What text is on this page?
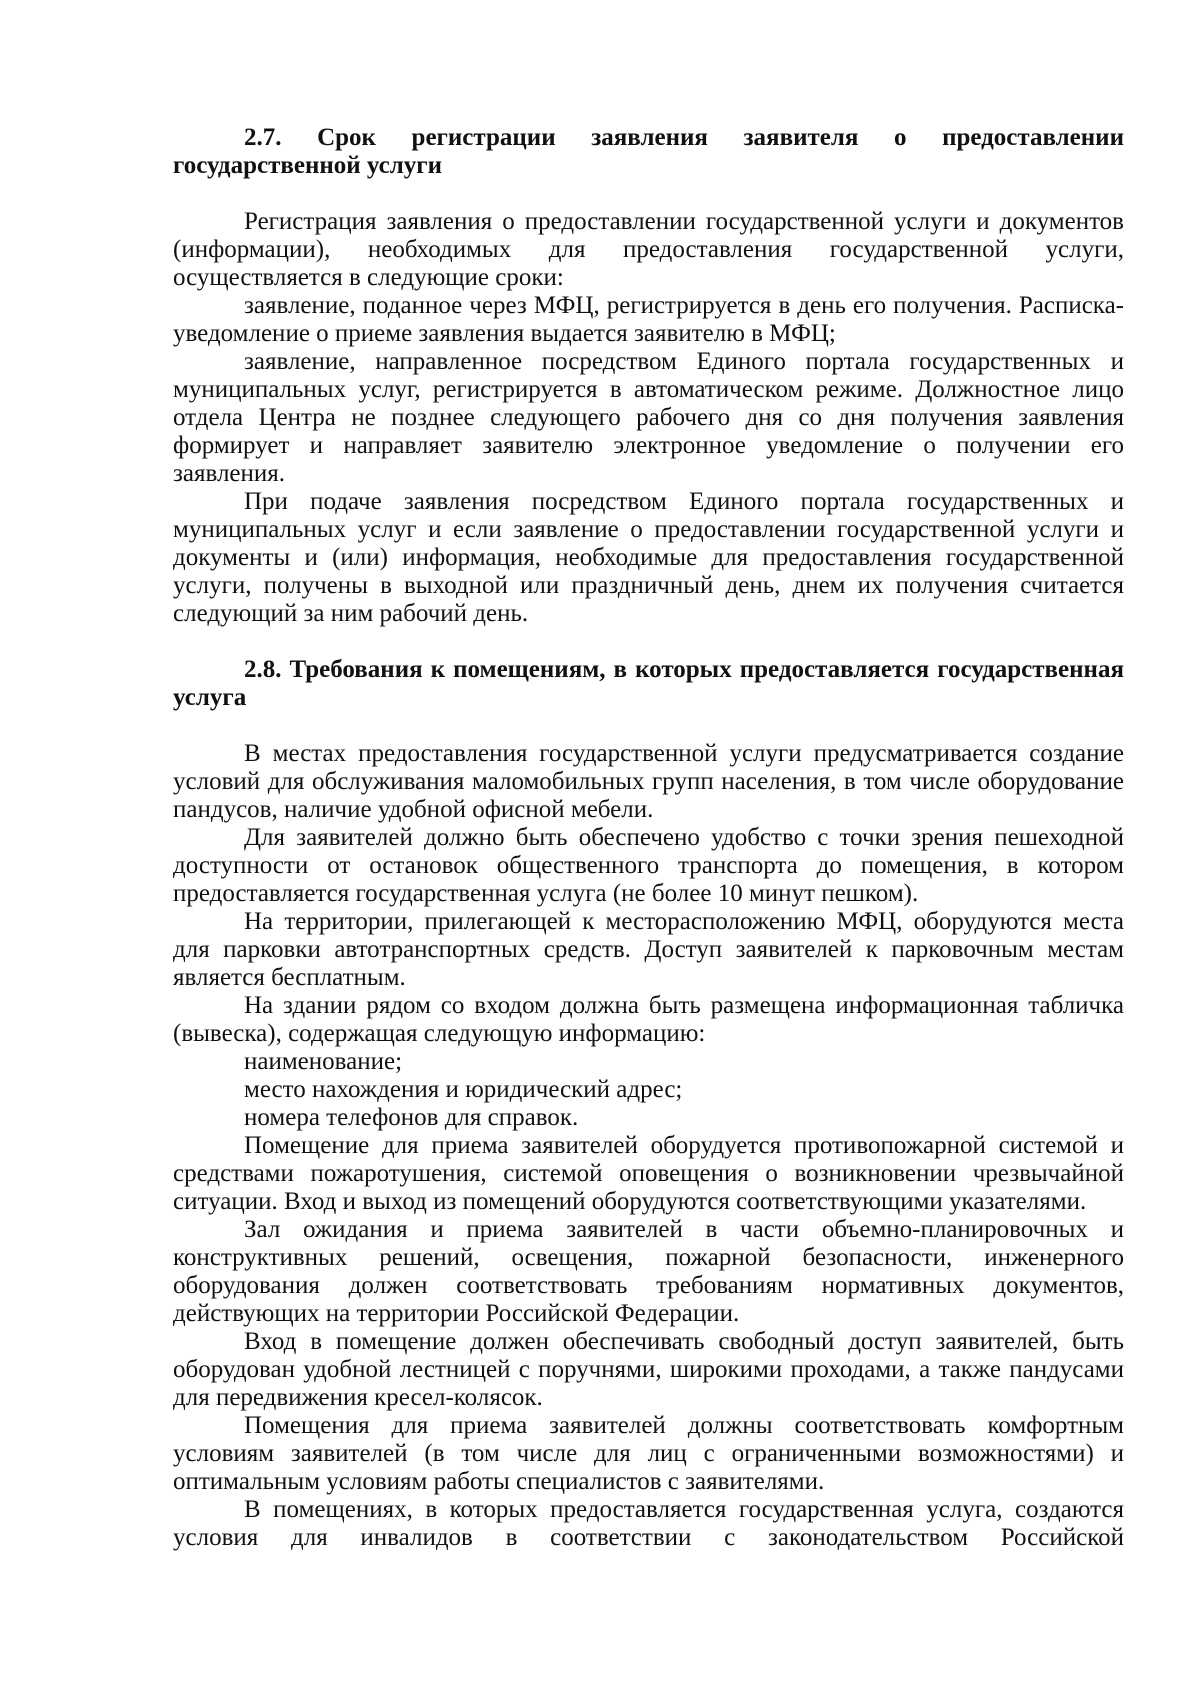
2.7. Срок регистрации заявления заявителя о предоставлении государственной услуги

Регистрация заявления о предоставлении государственной услуги и документов (информации), необходимых для предоставления государственной услуги, осуществляется в следующие сроки:

заявление, поданное через МФЦ, регистрируется в день его получения. Расписка-уведомление о приеме заявления выдается заявителю в МФЦ;

заявление, направленное посредством Единого портала государственных и муниципальных услуг, регистрируется в автоматическом режиме. Должностное лицо отдела Центра не позднее следующего рабочего дня со дня получения заявления формирует и направляет заявителю электронное уведомление о получении его заявления.

При подаче заявления посредством Единого портала государственных и муниципальных услуг и если заявление о предоставлении государственной услуги и документы и (или) информация, необходимые для предоставления государственной услуги, получены в выходной или праздничный день, днем их получения считается следующий за ним рабочий день.

2.8. Требования к помещениям, в которых предоставляется государственная услуга

В местах предоставления государственной услуги предусматривается создание условий для обслуживания маломобильных групп населения, в том числе оборудование пандусов, наличие удобной офисной мебели.

Для заявителей должно быть обеспечено удобство с точки зрения пешеходной доступности от остановок общественного транспорта до помещения, в котором предоставляется государственная услуга (не более 10 минут пешком).

На территории, прилегающей к месторасположению МФЦ, оборудуются места для парковки автотранспортных средств. Доступ заявителей к парковочным местам является бесплатным.

На здании рядом со входом должна быть размещена информационная табличка (вывеска), содержащая следующую информацию:

наименование;

место нахождения и юридический адрес;

номера телефонов для справок.

Помещение для приема заявителей оборудуется противопожарной системой и средствами пожаротушения, системой оповещения о возникновении чрезвычайной ситуации. Вход и выход из помещений оборудуются соответствующими указателями.

Зал ожидания и приема заявителей в части объемно-планировочных и конструктивных решений, освещения, пожарной безопасности, инженерного оборудования должен соответствовать требованиям нормативных документов, действующих на территории Российской Федерации.

Вход в помещение должен обеспечивать свободный доступ заявителей, быть оборудован удобной лестницей с поручнями, широкими проходами, а также пандусами для передвижения кресел-колясок.

Помещения для приема заявителей должны соответствовать комфортным условиям заявителей (в том числе для лиц с ограниченными возможностями) и оптимальным условиям работы специалистов с заявителями.

В помещениях, в которых предоставляется государственная услуга, создаются условия для инвалидов в соответствии с законодательством Российской
